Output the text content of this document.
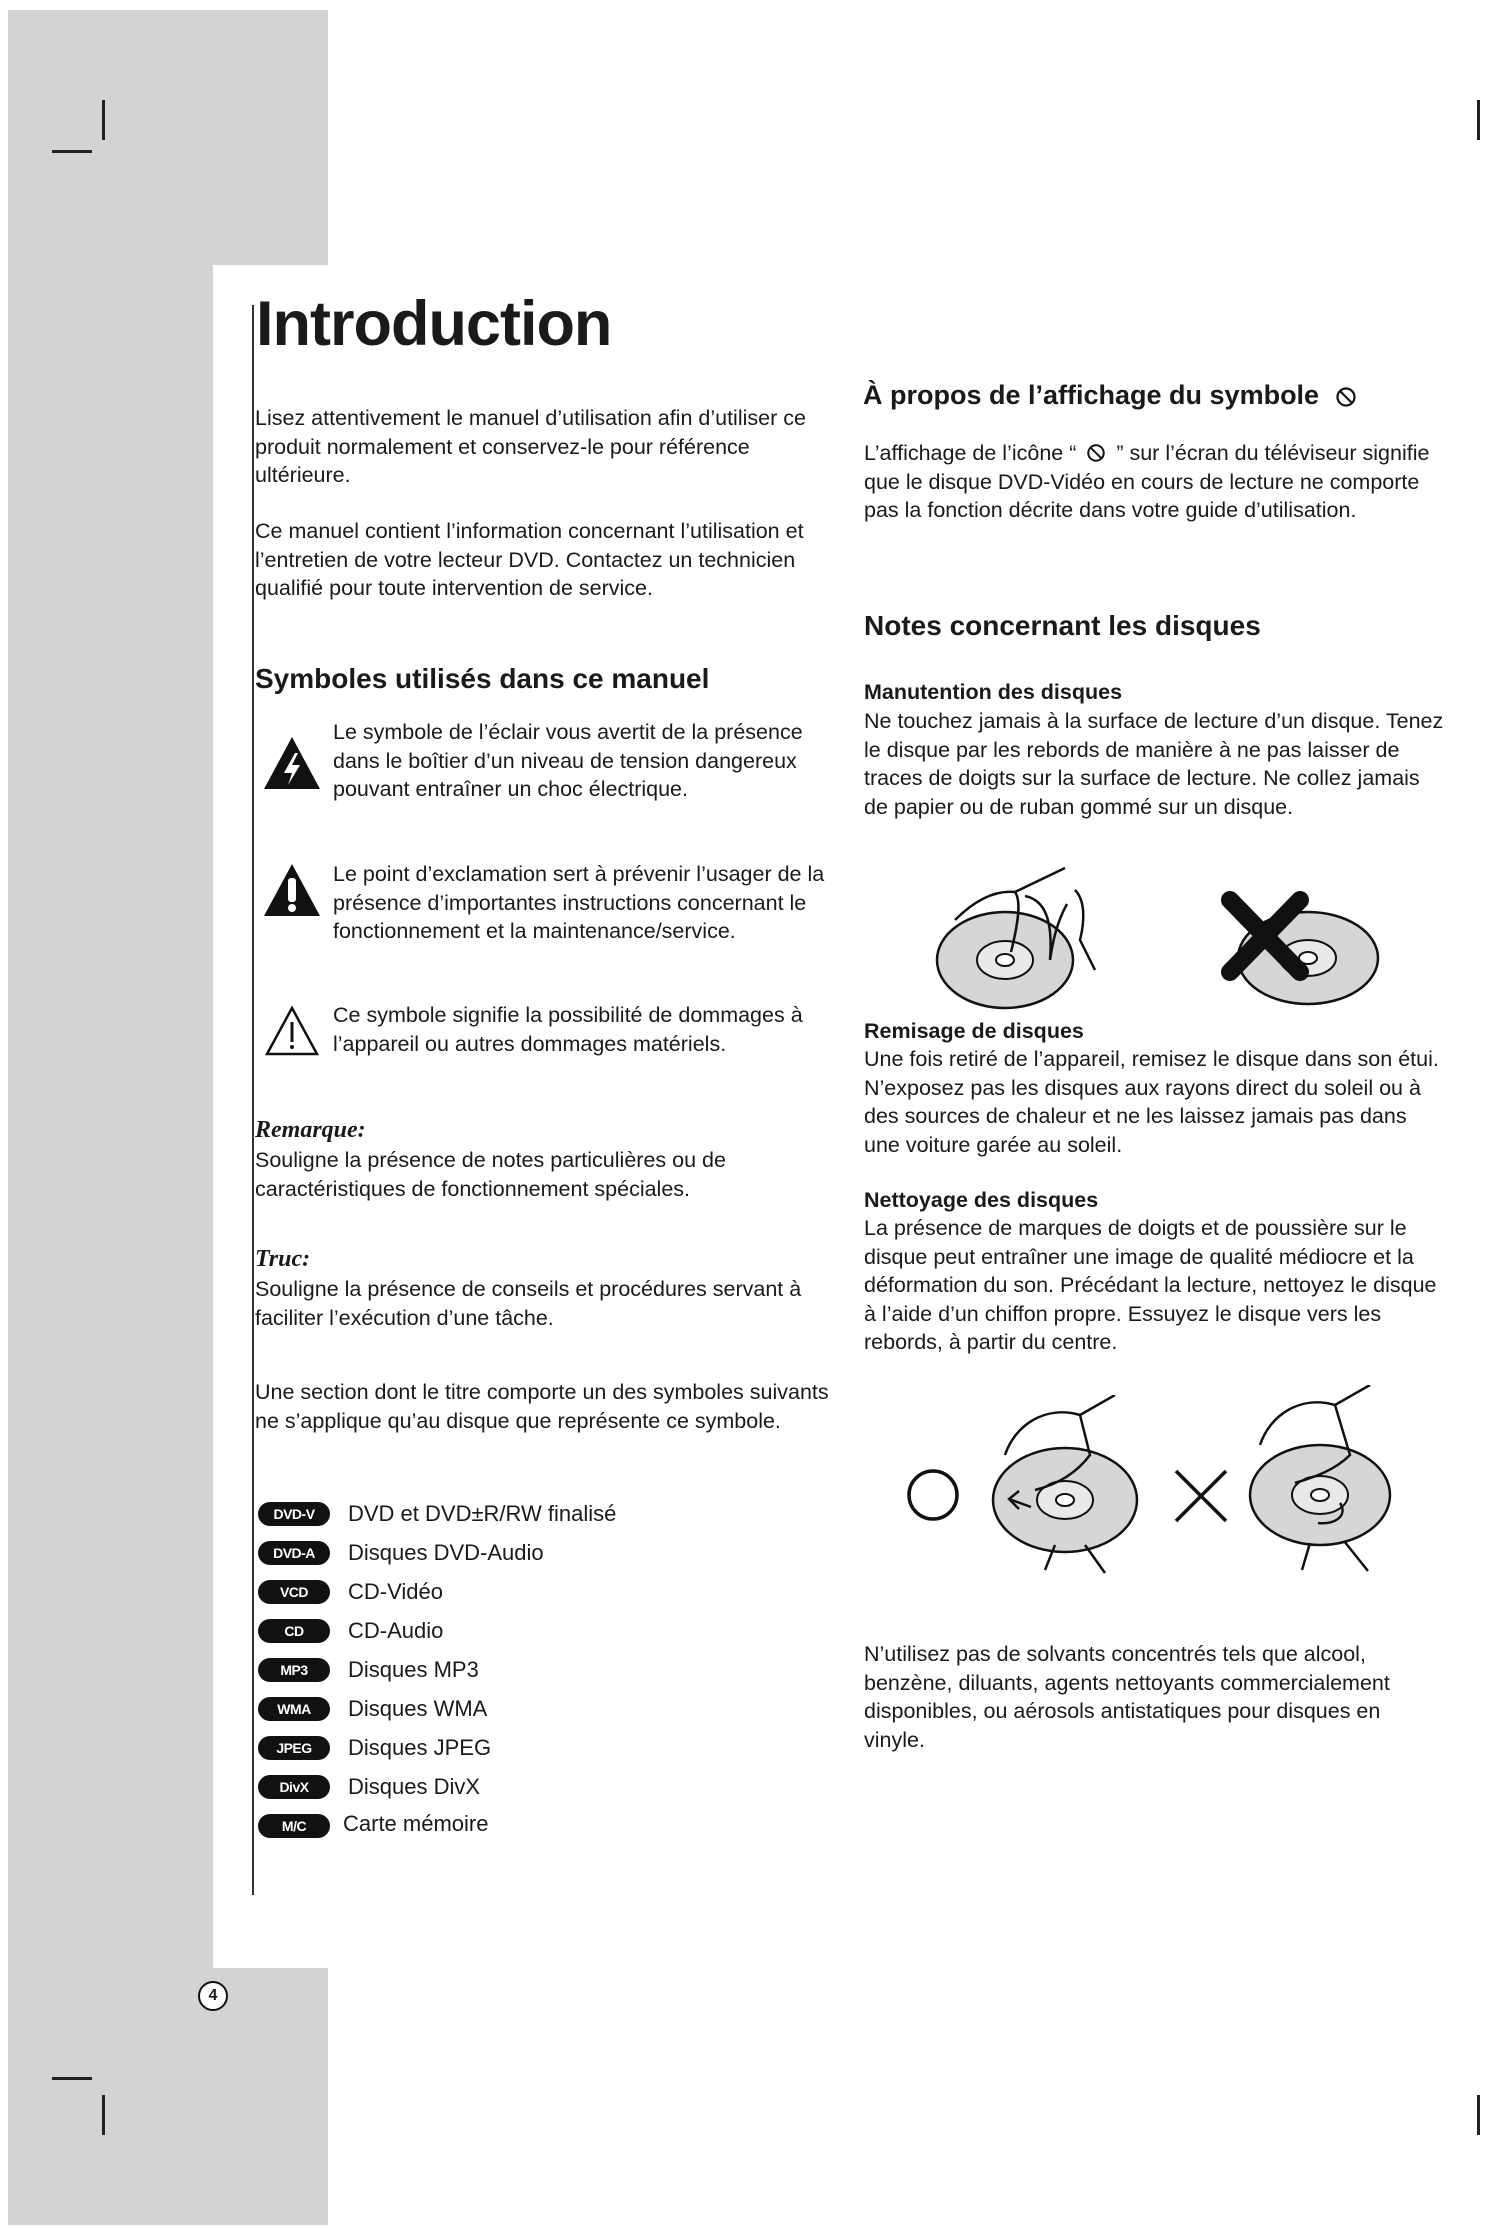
Introduction

Lisez attentivement le manuel d’utilisation afin d’utiliser ce produit normalement et conservez-le pour référence ultérieure.

Ce manuel contient l’information concernant l’utilisation et l’entretien de votre lecteur DVD. Contactez un technicien qualifié pour toute intervention de service.

Symboles utilisés dans ce manuel
Le symbole de l’éclair vous avertit de la présence dans le boîtier d’un niveau de tension dangereux pouvant entraîner un choc électrique.
Le point d’exclamation sert à prévenir l’usager de la présence d’importantes instructions concernant le fonctionnement et la maintenance/service.
Ce symbole signifie la possibilité de dommages à l’appareil ou autres dommages matériels.

Remarque:

Souligne la présence de notes particulières ou de caractéristiques de fonctionnement spéciales.

Truc:

Souligne la présence de conseils et procédures servant à faciliter l’exécution d’une tâche.

Une section dont le titre comporte un des symboles suivants ne s’applique qu’au disque que représente ce symbole.

DVD-V	DVD et DVD±R/RW finalisé
DVD-A	Disques DVD-Audio
VCD	CD-Vidéo
CD	CD-Audio
MP3	Disques MP3
WMA	Disques WMA
JPEG	Disques JPEG
DivX	Disques DivX
M/C	Carte mémoire
4
À propos de l’affichage du symbole

L’affichage de l’icône “ ” sur l’écran du téléviseur signifie que le disque DVD-Vidéo en cours de lecture ne comporte pas la fonction décrite dans votre guide d’utilisation.

Notes concernant les disques

Manutention des disques

Ne touchez jamais à la surface de lecture d’un disque. Tenez le disque par les rebords de manière à ne pas laisser de traces de doigts sur la surface de lecture. Ne collez jamais de papier ou de ruban gommé sur un disque.

Remisage de disques

Une fois retiré de l’appareil, remisez le disque dans son étui. N’exposez pas les disques aux rayons direct du soleil ou à des sources de chaleur et ne les laissez jamais pas dans une voiture garée au soleil.

Nettoyage des disques

La présence de marques de doigts et de poussière sur le disque peut entraîner une image de qualité médiocre et la déformation du son. Précédant la lecture, nettoyez le disque à l’aide d’un chiffon propre. Essuyez le disque vers les rebords, à partir du centre.

N’utilisez pas de solvants concentrés tels que alcool, benzène, diluants, agents nettoyants commercialement disponibles, ou aérosols antistatiques pour disques en vinyle.
